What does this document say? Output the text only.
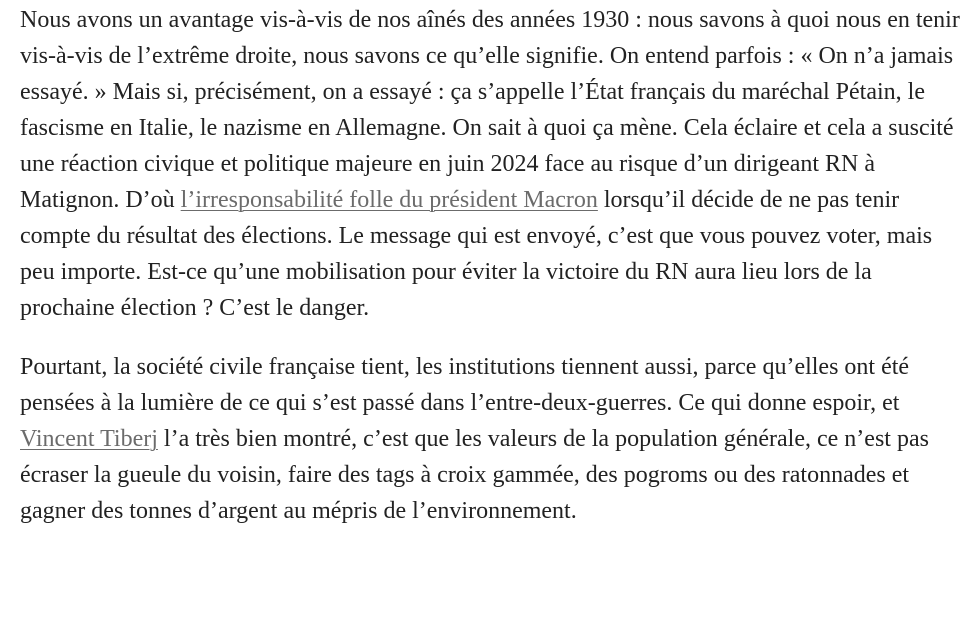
Nous avons un avantage vis-à-vis de nos aînés des années 1930 : nous savons à quoi nous en tenir vis-à-vis de l’extrême droite, nous savons ce qu’elle signifie. On entend parfois : « On n’a jamais essayé. » Mais si, précisément, on a essayé : ça s’appelle l’État français du maréchal Pétain, le fascisme en Italie, le nazisme en Allemagne. On sait à quoi ça mène. Cela éclaire et cela a suscité une réaction civique et politique majeure en juin 2024 face au risque d’un dirigeant RN à Matignon. D’où l’irresponsabilité folle du président Macron lorsqu’il décide de ne pas tenir compte du résultat des élections. Le message qui est envoyé, c’est que vous pouvez voter, mais peu importe. Est-ce qu’une mobilisation pour éviter la victoire du RN aura lieu lors de la prochaine élection ? C’est le danger.

Pourtant, la société civile française tient, les institutions tiennent aussi, parce qu’elles ont été pensées à la lumière de ce qui s’est passé dans l’entre-deux-guerres. Ce qui donne espoir, et Vincent Tiberj l’a très bien montré, c’est que les valeurs de la population générale, ce n’est pas écraser la gueule du voisin, faire des tags à croix gammée, des pogroms ou des ratonnades et gagner des tonnes d’argent au mépris de l’environnement.
